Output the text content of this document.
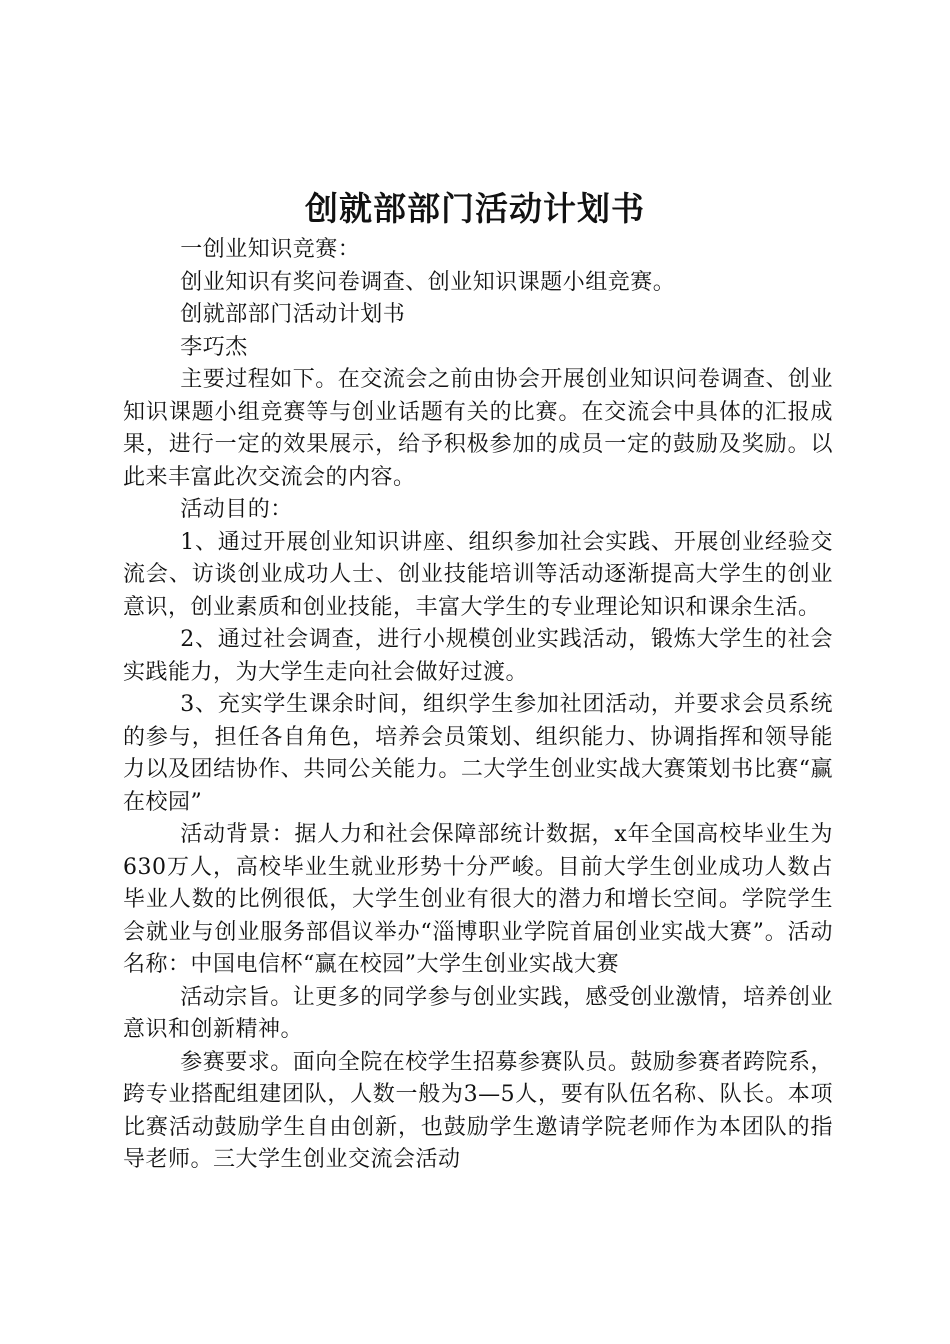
创就部部门活动计划书

一创业知识竞赛：

创业知识有奖问卷调查、创业知识课题小组竞赛。

创就部部门活动计划书

李巧杰

主要过程如下。在交流会之前由协会开展创业知识问卷调查、创业知识课题小组竞赛等与创业话题有关的比赛。在交流会中具体的汇报成果，进行一定的效果展示，给予积极参加的成员一定的鼓励及奖励。以此来丰富此次交流会的内容。

活动目的：

1、通过开展创业知识讲座、组织参加社会实践、开展创业经验交流会、访谈创业成功人士、创业技能培训等活动逐渐提高大学生的创业意识，创业素质和创业技能，丰富大学生的专业理论知识和课余生活。

2、通过社会调查，进行小规模创业实践活动，锻炼大学生的社会实践能力，为大学生走向社会做好过渡。

3、充实学生课余时间，组织学生参加社团活动，并要求会员系统的参与，担任各自角色，培养会员策划、组织能力、协调指挥和领导能力以及团结协作、共同公关能力。二大学生创业实战大赛策划书比赛“赢在校园”

活动背景：据人力和社会保障部统计数据，x年全国高校毕业生为630万人，高校毕业生就业形势十分严峻。目前大学生创业成功人数占毕业人数的比例很低，大学生创业有很大的潜力和增长空间。学院学生会就业与创业服务部倡议举办“淄博职业学院首届创业实战大赛”。活动名称：中国电信杯“赢在校园”大学生创业实战大赛

活动宗旨。让更多的同学参与创业实践，感受创业激情，培养创业意识和创新精神。

参赛要求。面向全院在校学生招募参赛队员。鼓励参赛者跨院系，跨专业搭配组建团队，人数一般为3—5人，要有队伍名称、队长。本项比赛活动鼓励学生自由创新，也鼓励学生邀请学院老师作为本团队的指导老师。三大学生创业交流会活动
